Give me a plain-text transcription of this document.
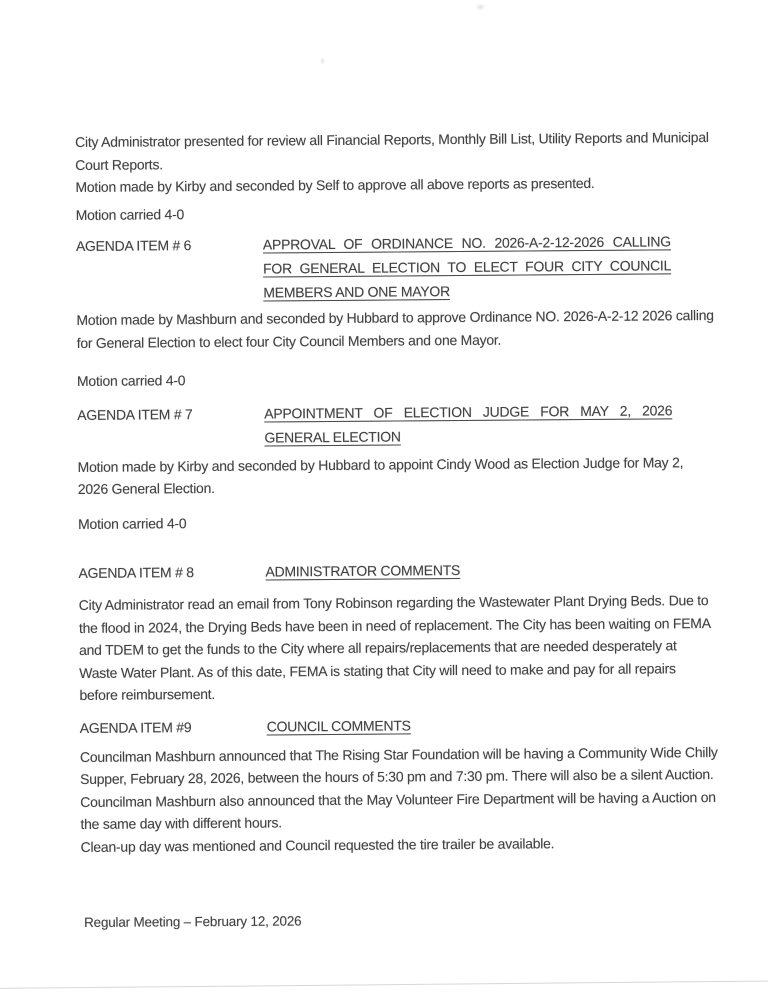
City Administrator presented for review all Financial Reports, Monthly Bill List, Utility Reports and Municipal Court Reports.

Motion made by Kirby and seconded by Self to approve all above reports as presented.

Motion carried 4-0

AGENDA ITEM # 6	APPROVAL OF ORDINANCE NO. 2026-A-2-12-2026 CALLING FOR GENERAL ELECTION TO ELECT FOUR CITY COUNCIL MEMBERS AND ONE MAYOR

Motion made by Mashburn and seconded by Hubbard to approve Ordinance NO. 2026-A-2-12 2026 calling for General Election to elect four City Council Members and one Mayor.

Motion carried 4-0

AGENDA ITEM # 7	APPOINTMENT OF ELECTION JUDGE FOR MAY 2, 2026 GENERAL ELECTION

Motion made by Kirby and seconded by Hubbard to appoint Cindy Wood as Election Judge for May 2, 2026 General Election.

Motion carried 4-0

AGENDA ITEM # 8	ADMINISTRATOR COMMENTS

City Administrator read an email from Tony Robinson regarding the Wastewater Plant Drying Beds. Due to the flood in 2024, the Drying Beds have been in need of replacement. The City has been waiting on FEMA and TDEM to get the funds to the City where all repairs/replacements that are needed desperately at Waste Water Plant. As of this date, FEMA is stating that City will need to make and pay for all repairs before reimbursement.

AGENDA ITEM #9	COUNCIL COMMENTS

Councilman Mashburn announced that The Rising Star Foundation will be having a Community Wide Chilly Supper, February 28, 2026, between the hours of 5:30 pm and 7:30 pm. There will also be a silent Auction.

Councilman Mashburn also announced that the May Volunteer Fire Department will be having a Auction on the same day with different hours.

Clean-up day was mentioned and Council requested the tire trailer be available.

Regular Meeting – February 12, 2026
